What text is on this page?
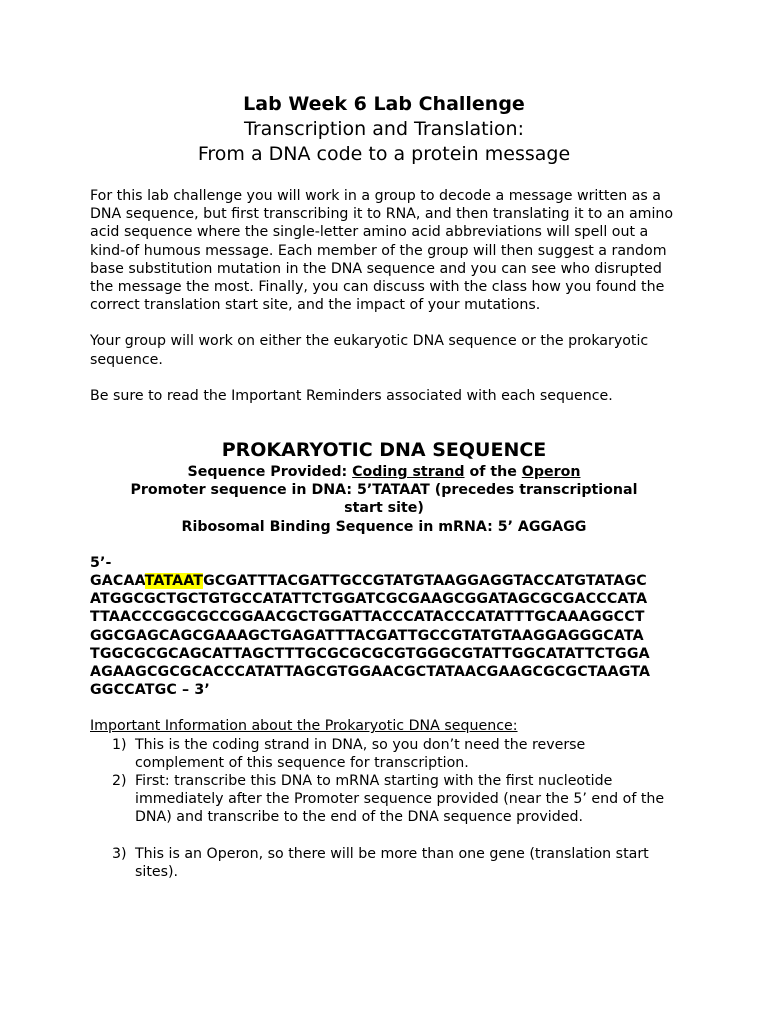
Lab Week 6 Lab Challenge
Transcription and Translation:
From a DNA code to a protein message

For this lab challenge you will work in a group to decode a message written as a DNA sequence, but first transcribing it to RNA, and then translating it to an amino acid sequence where the single-letter amino acid abbreviations will spell out a kind-of humous message. Each member of the group will then suggest a random base substitution mutation in the DNA sequence and you can see who disrupted the message the most. Finally, you can discuss with the class how you found the correct translation start site, and the impact of your mutations.

Your group will work on either the eukaryotic DNA sequence or the prokaryotic sequence.

Be sure to read the Important Reminders associated with each sequence.

PROKARYOTIC DNA SEQUENCE
Sequence Provided: Coding strand of the Operon
Promoter sequence in DNA: 5’TATAAT (precedes transcriptional
start site)
Ribosomal Binding Sequence in mRNA: 5’ AGGAGG
5’-
GACAATATAATGCGATTTACGATTGCCGTATGTAAGGAGGTACCATGTATAGC
ATGGCGCTGCTGTGCCATATTCTGGATCGCGAAGCGGATAGCGCGACCCATA
TTAACCCGGCGCCGGAACGCTGGATTACCCATACCCATATTTGCAAAGGCCT
GGCGAGCAGCGAAAGCTGAGATTTACGATTGCCGTATGTAAGGAGGGCATA
TGGCGCGCAGCATTAGCTTTGCGCGCGCGTGGGCGTATTGGCATATTCTGGA
AGAAGCGCGCACCCATATTAGCGTGGAACGCTATAACGAAGCGCGCTAAGTA
GGCCATGC – 3’
Important Information about the Prokaryotic DNA sequence:
1) This is the coding strand in DNA, so you don’t need the reverse complement of this sequence for transcription.
2) First: transcribe this DNA to mRNA starting with the first nucleotide immediately after the Promoter sequence provided (near the 5’ end of the DNA) and transcribe to the end of the DNA sequence provided.
3) This is an Operon, so there will be more than one gene (translation start sites).
